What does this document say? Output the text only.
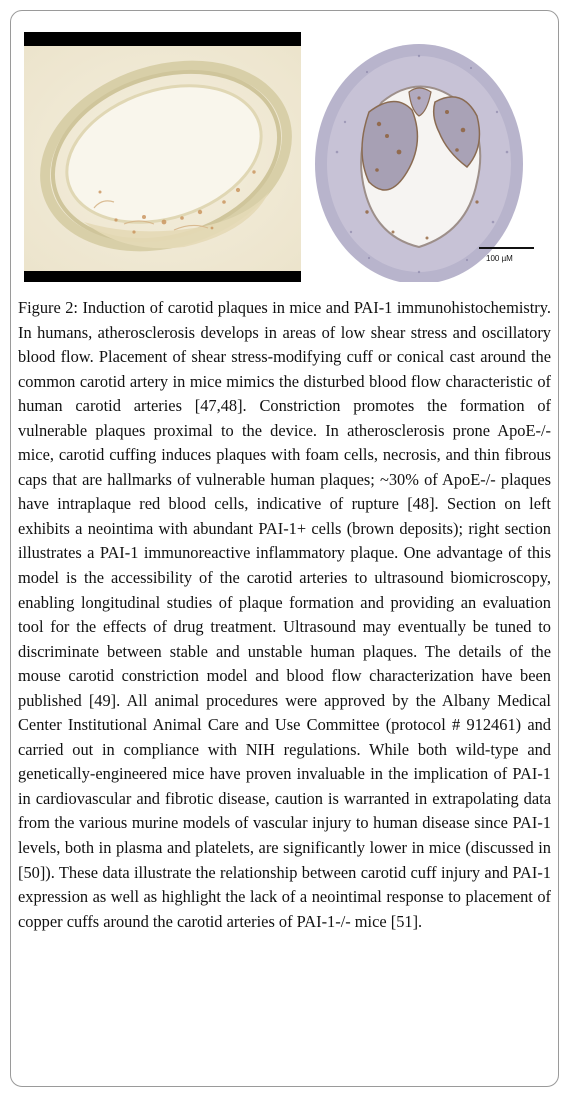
100 µM

Figure 2: Induction of carotid plaques in mice and PAI-1 immunohistochemistry. In humans, atherosclerosis develops in areas of low shear stress and oscillatory blood flow. Placement of shear stress-modifying cuff or conical cast around the common carotid artery in mice mimics the disturbed blood flow characteristic of human carotid arteries [47,48]. Constriction promotes the formation of vulnerable plaques proximal to the device. In atherosclerosis prone ApoE-/- mice, carotid cuffing induces plaques with foam cells, necrosis, and thin fibrous caps that are hallmarks of vulnerable human plaques; ~30% of ApoE-/- plaques have intraplaque red blood cells, indicative of rupture [48]. Section on left exhibits a neointima with abundant PAI-1+ cells (brown deposits); right section illustrates a PAI-1 immunoreactive inflammatory plaque. One advantage of this model is the accessibility of the carotid arteries to ultrasound biomicroscopy, enabling longitudinal studies of plaque formation and providing an evaluation tool for the effects of drug treatment. Ultrasound may eventually be tuned to discriminate between stable and unstable human plaques. The details of the mouse carotid constriction model and blood flow characterization have been published [49]. All animal procedures were approved by the Albany Medical Center Institutional Animal Care and Use Committee (protocol # 912461) and carried out in compliance with NIH regulations. While both wild-type and genetically-engineered mice have proven invaluable in the implication of PAI-1 in cardiovascular and fibrotic disease, caution is warranted in extrapolating data from the various murine models of vascular injury to human disease since PAI-1 levels, both in plasma and platelets, are significantly lower in mice (discussed in [50]). These data illustrate the relationship between carotid cuff injury and PAI-1 expression as well as highlight the lack of a neointimal response to placement of copper cuffs around the carotid arteries of PAI-1-/- mice [51].
